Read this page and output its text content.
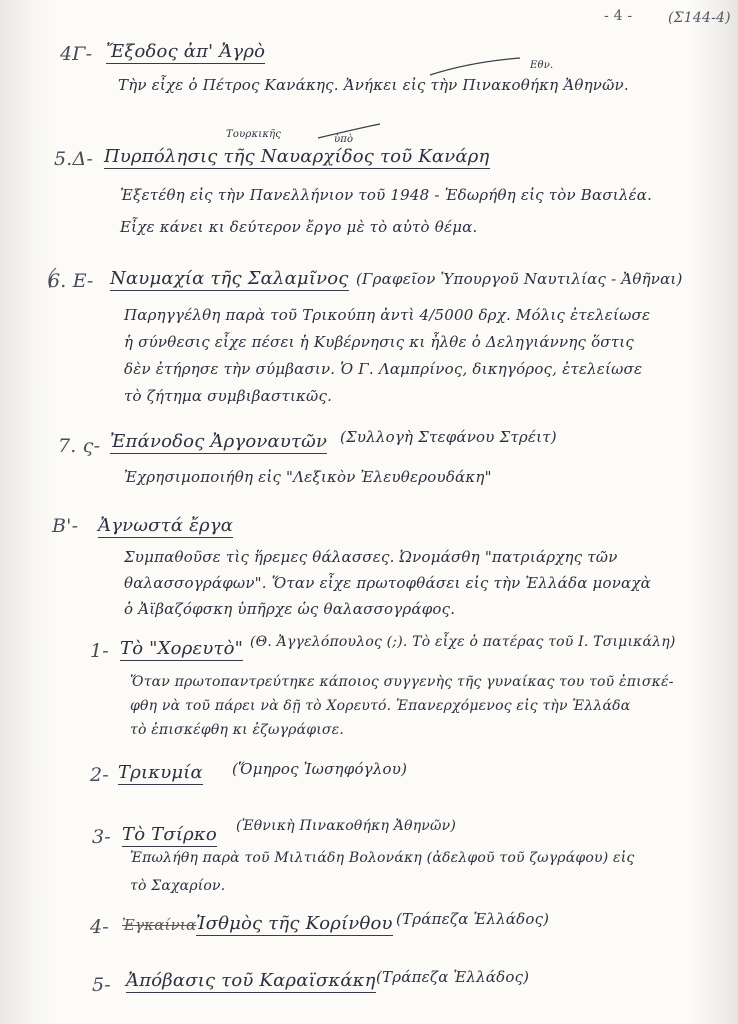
- 4 -	(Σ144-4)
4Γ- Ἔξοδος ἀπ' Ἀγρὸ
Εθν.
Τὴν εἶχε ὁ Πέτρος Κανάκης. Ἀνήκει εἰς τὴν Πινακοθήκη Ἀθηνῶν.
Τουρκικῆς	ὑπὸ
5.Δ- Πυρπόλησις τῆς Ναυαρχίδος τοῦ Κανάρη
Ἐξετέθη εἰς τὴν Πανελλήνιον τοῦ 1948 - Ἐδωρήθη εἰς τὸν Βασιλέα.
Εἶχε κάνει κι δεύτερον ἔργο μὲ τὸ αὐτὸ θέμα.
6. Ε- Ναυμαχία τῆς Σαλαμῖνος (Γραφεῖον Ὑπουργοῦ Ναυτιλίας - Ἀθῆναι)
Παρηγγέλθη παρὰ τοῦ Τρικούπη ἀντὶ 4/5000 δρχ. Μόλις ἐτελείωσε
ἡ σύνθεσις εἶχε πέσει ἡ Κυβέρνησις κι ἦλθε ὁ Δεληγιάννης ὅστις
δὲν ἐτήρησε τὴν σύμβασιν. Ὁ Γ. Λαμπρίνος, δικηγόρος, ἐτελείωσε
τὸ ζήτημα συμβιβαστικῶς.
7. ς- Ἐπάνοδος Ἀργοναυτῶν (Συλλογὴ Στεφάνου Στρέιτ)
Ἐχρησιμοποιήθη εἰς "Λεξικὸν Ἐλευθερουδάκη"
Β'- Ἀγνωστά ἔργα
Συμπαθοῦσε τὶς ἥρεμες θάλασσες. Ὠνομάσθη "πατριάρχης τῶν
θαλασσογράφων". Ὅταν εἶχε πρωτοφθάσει εἰς τὴν Ἑλλάδα μοναχὰ
ὁ Ἀϊβαζόφσκη ὑπῆρχε ὡς θαλασσογράφος.
1- Τὸ "Χορευτὸ" (Θ. Ἀγγελόπουλος (;). Τὸ εἶχε ὁ πατέρας τοῦ Ι. Τσιμικάλη)
Ὅταν πρωτοπαντρεύτηκε κάποιος συγγενὴς τῆς γυναίκας του τοῦ ἐπισκέ-
φθη νὰ τοῦ πάρει νὰ δῇ τὸ Χορευτό. Ἐπανερχόμενος εἰς τὴν Ἑλλάδα
τὸ ἐπισκέφθη κι ἐζωγράφισε.
2- Τρικυμία (Ὅμηρος Ἰωσηφόγλου)
3- Τὸ Τσίρκο (Ἐθνικὴ Πινακοθήκη Ἀθηνῶν)
Ἐπωλήθη παρὰ τοῦ Μιλτιάδη Βολονάκη (ἀδελφοῦ τοῦ ζωγράφου) εἰς
τὸ Σαχαρίον.
4- Ἐγκαίνια Ἰσθμὸς τῆς Κορίνθου (Τράπεζα Ἑλλάδος)
5- Ἀπόβασις τοῦ Καραϊσκάκη (Τράπεζα Ἑλλάδος)
